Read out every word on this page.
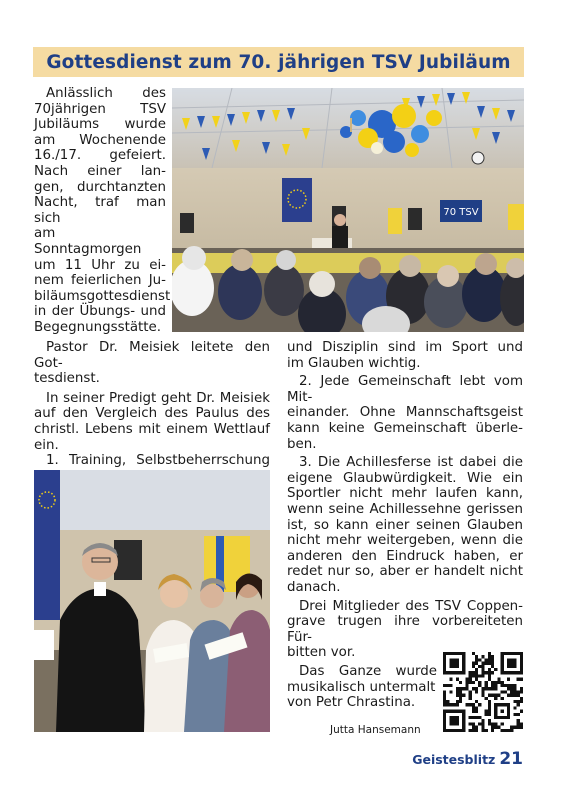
Gottesdienst zum 70. jährigen TSV Jubiläum

Anlässlich des

70jährigen TSV

Jubiläums wurde

am Wochenende

16./17. gefeiert.

Nach einer lan-

gen, durchtanzten

Nacht, traf man sich

am Sonntagmorgen

um 11 Uhr zu ei-

nem feierlichen Ju-

biläumsgottesdienst

in der Übungs- und

Begegnungsstätte.

70 TSV

Pastor Dr. Meisiek leitete den Got-

tesdienst.

In seiner Predigt geht Dr. Meisiek

auf den Vergleich des Paulus des

christl. Lebens mit einem Wettlauf

ein.

1. Training, Selbstbeherrschung

und Disziplin sind im Sport und

im Glauben wichtig.

2. Jede Gemeinschaft lebt vom Mit-

einander. Ohne Mannschaftsgeist

kann keine Gemeinschaft überle-

ben.

3. Die Achillesferse ist dabei die

eigene Glaubwürdigkeit. Wie ein

Sportler nicht mehr laufen kann,

wenn seine Achillessehne gerissen

ist, so kann einer seinen Glauben

nicht mehr weitergeben, wenn die

anderen den Eindruck haben, er

redet nur so, aber er handelt nicht

danach.

Drei Mitglieder des TSV Coppen-

grave trugen ihre vorbereiteten Für-

bitten vor.

Das Ganze wurde

musikalisch untermalt

von Petr Chrastina.

Jutta Hansemann
Geistesblitz 21
